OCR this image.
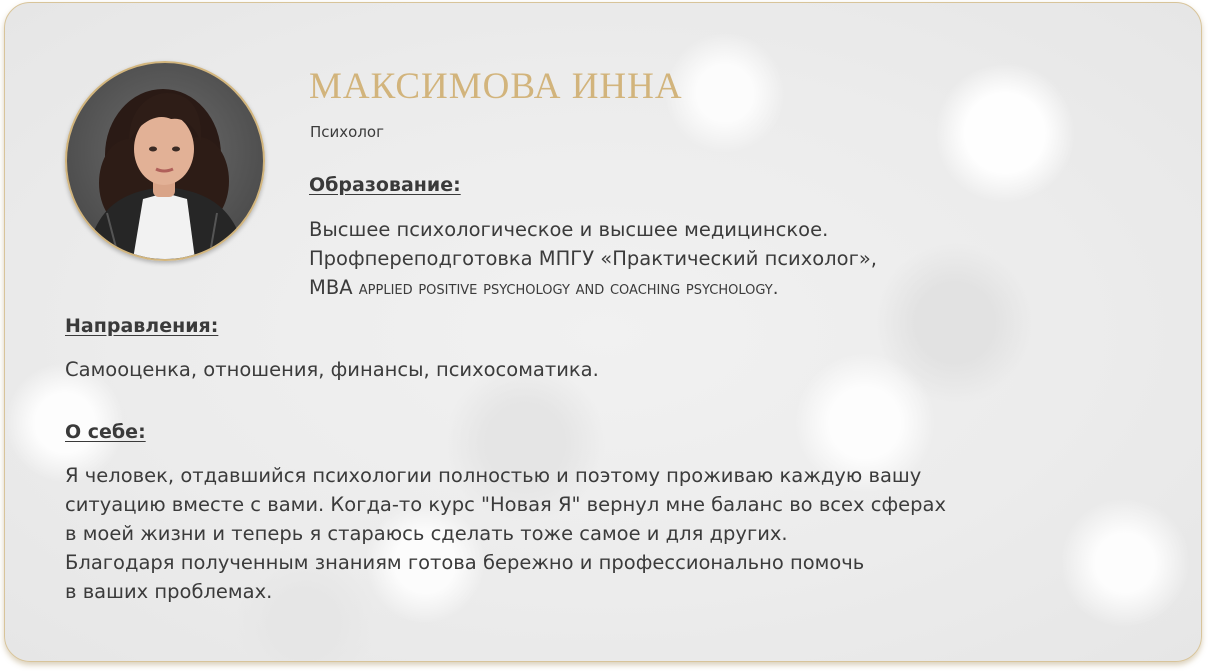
МАКСИМОВА ИННА
Психолог
Образование:
Высшее психологическое и высшее медицинское.
Профпереподготовка МПГУ «Практический психолог»,
MBA applied positive psychology and coaching psychology.
Направления:
Самооценка, отношения, финансы, психосоматика.
О себе:
Я человек, отдавшийся психологии полностью и поэтому проживаю каждую вашу
ситуацию вместе с вами. Когда-то курс "Новая Я" вернул мне баланс во всех сферах
в моей жизни и теперь я стараюсь сделать тоже самое и для других.
Благодаря полученным знаниям готова бережно и профессионально помочь
в ваших проблемах.
